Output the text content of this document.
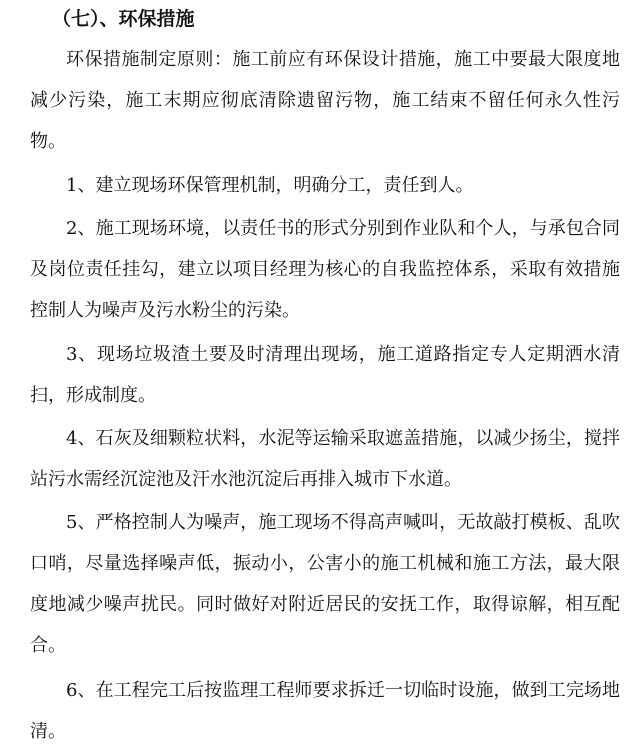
（七）、环保措施

环保措施制定原则：施工前应有环保设计措施，施工中要最大限度地减少污染，施工末期应彻底清除遗留污物，施工结束不留任何永久性污物。

1、建立现场环保管理机制，明确分工，责任到人。

2、施工现场环境，以责任书的形式分别到作业队和个人，与承包合同及岗位责任挂勾，建立以项目经理为核心的自我监控体系，采取有效措施控制人为噪声及污水粉尘的污染。

3、现场垃圾渣土要及时清理出现场，施工道路指定专人定期洒水清扫，形成制度。

4、石灰及细颗粒状料，水泥等运输采取遮盖措施，以减少扬尘，搅拌站污水需经沉淀池及汗水池沉淀后再排入城市下水道。

5、严格控制人为噪声，施工现场不得高声喊叫，无故敲打模板、乱吹口哨，尽量选择噪声低，振动小，公害小的施工机械和施工方法，最大限度地减少噪声扰民。同时做好对附近居民的安抚工作，取得谅解，相互配合。

6、在工程完工后按监理工程师要求拆迁一切临时设施，做到工完场地清。
